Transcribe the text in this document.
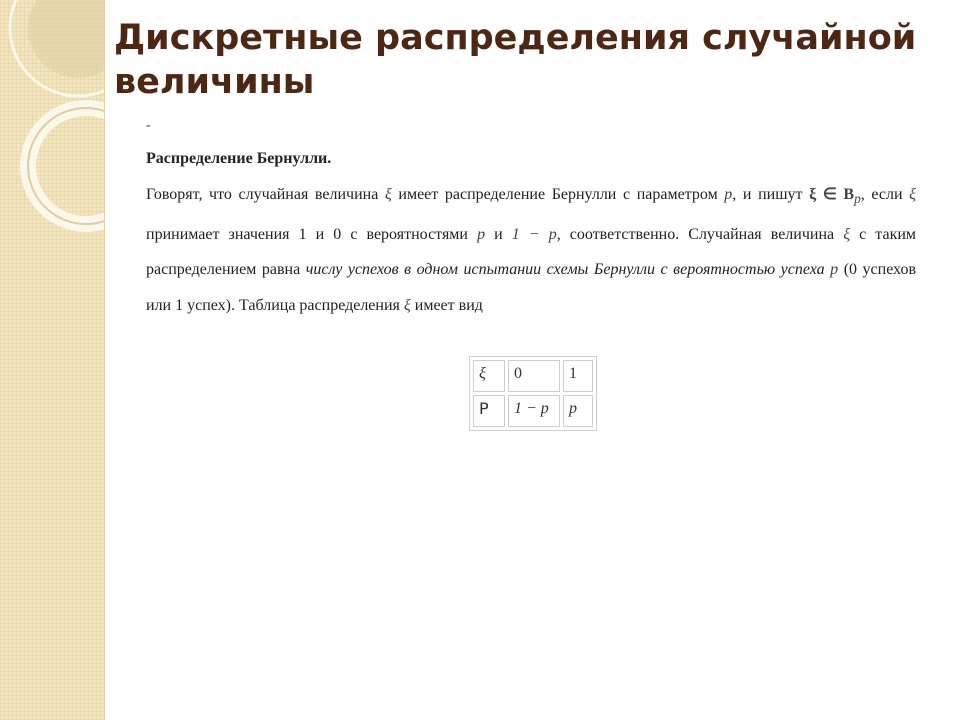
Дискретные распределения случайной величины
-

Распределение Бернулли.

Говорят, что случайная величина ξ имеет распределение Бернулли с параметром p, и пишут ξ ∈ $B_p$, если ξ принимает значения 1 и 0 с вероятностями p и 1 − p, соответственно. Случайная величина ξ с таким распределением равна числу успехов в одном испытании схемы Бернулли с вероятностью успеха p (0 успехов или 1 успех). Таблица распределения ξ имеет вид

ξ	0	1
P	1 − p	p
